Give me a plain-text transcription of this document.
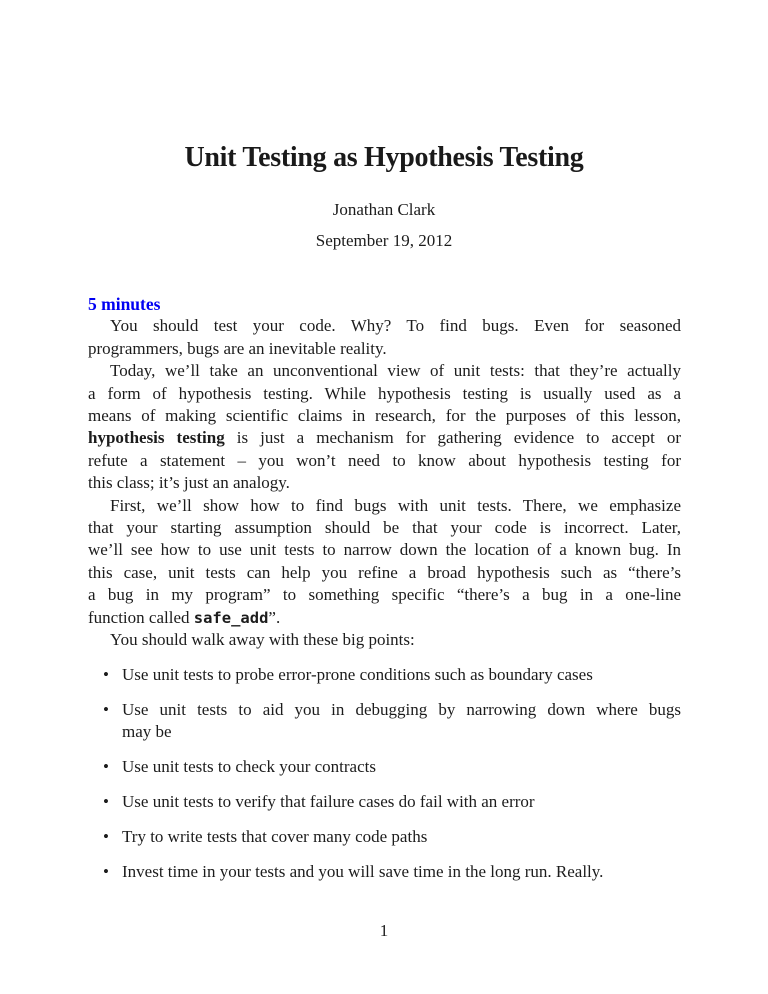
Unit Testing as Hypothesis Testing
Jonathan Clark
September 19, 2012
5 minutes
You should test your code. Why? To find bugs. Even for seasoned
programmers, bugs are an inevitable reality.
Today, we’ll take an unconventional view of unit tests: that they’re actually
a form of hypothesis testing. While hypothesis testing is usually used as a
means of making scientific claims in research, for the purposes of this lesson,
hypothesis testing is just a mechanism for gathering evidence to accept or
refute a statement – you won’t need to know about hypothesis testing for
this class; it’s just an analogy.
First, we’ll show how to find bugs with unit tests. There, we emphasize
that your starting assumption should be that your code is incorrect. Later,
we’ll see how to use unit tests to narrow down the location of a known bug. In
this case, unit tests can help you refine a broad hypothesis such as “there’s
a bug in my program” to something specific “there’s a bug in a one-line
function called safe_add”.
You should walk away with these big points:
• Use unit tests to probe error-prone conditions such as boundary cases
• Use unit tests to aid you in debugging by narrowing down where bugs
may be
• Use unit tests to check your contracts
• Use unit tests to verify that failure cases do fail with an error
• Try to write tests that cover many code paths
• Invest time in your tests and you will save time in the long run. Really.
1
